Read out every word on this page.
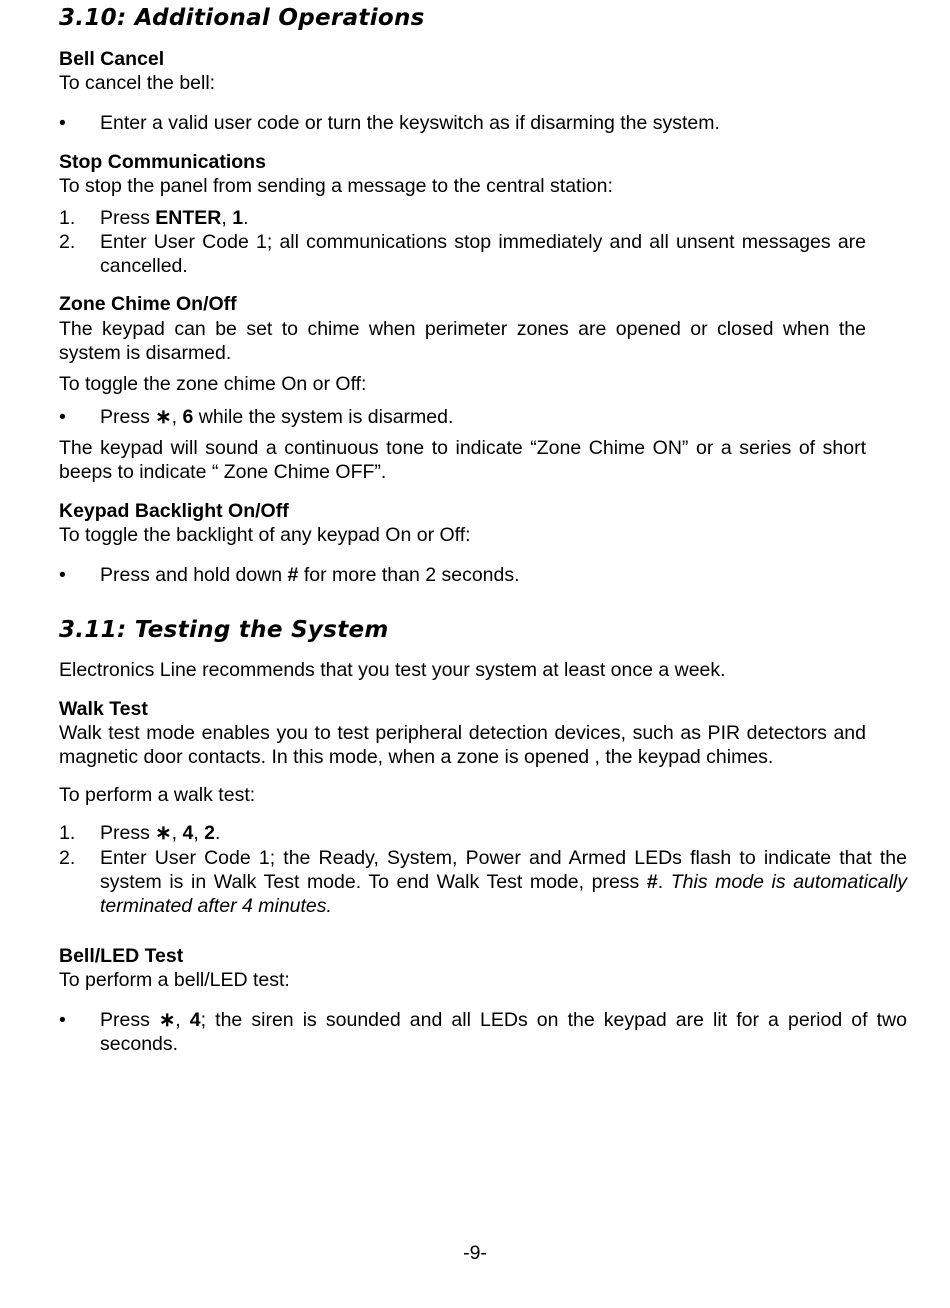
3.10: Additional Operations
Bell Cancel

To cancel the bell:

• Enter a valid user code or turn the keyswitch as if disarming the system.
Stop Communications

To stop the panel from sending a message to the central station:

1. Press ENTER, 1.
2. Enter User Code 1; all communications stop immediately and all unsent messages are cancelled.
Zone Chime On/Off

The keypad can be set to chime when perimeter zones are opened or closed when the system is disarmed.

To toggle the zone chime On or Off:

• Press ∗, 6 while the system is disarmed.

The keypad will sound a continuous tone to indicate “Zone Chime ON” or a series of short beeps to indicate “ Zone Chime OFF”.

Keypad Backlight On/Off

To toggle the backlight of any keypad On or Off:

• Press and hold down # for more than 2 seconds.
3.11: Testing the System

Electronics Line recommends that you test your system at least once a week.

Walk Test

Walk test mode enables you to test peripheral detection devices, such as PIR detectors and magnetic door contacts. In this mode, when a zone is opened , the keypad chimes.

To perform a walk test:

1. Press ∗, 4, 2.
2. Enter User Code 1; the Ready, System, Power and Armed LEDs flash to indicate that the system is in Walk Test mode. To end Walk Test mode, press #. This mode is automatically terminated after 4 minutes.
Bell/LED Test

To perform a bell/LED test:

• Press ∗, 4; the siren is sounded and all LEDs on the keypad are lit for a period of two seconds.
-9-
